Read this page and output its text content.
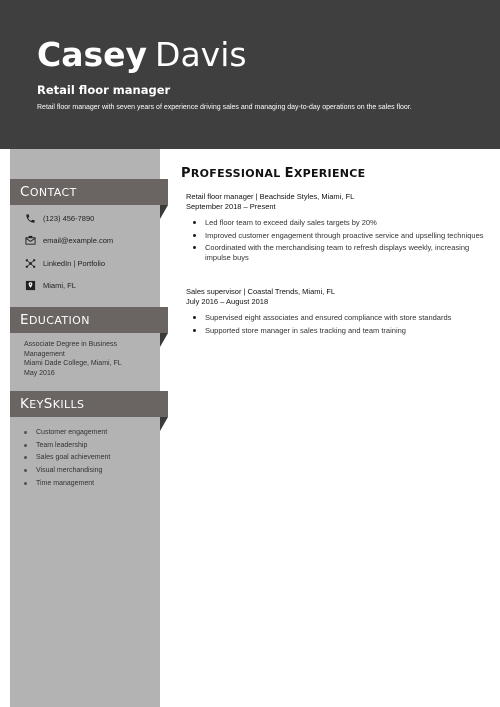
Casey Davis
Retail floor manager
Retail floor manager with seven years of experience driving sales and managing day-to-day operations on the sales floor.
C ONTACT
(123) 456-7890
email@example.com
LinkedIn | Portfolio
Miami, FL
E DUCATION
Associate Degree in Business Management
Miami Dade College, Miami, FL
May 2016
K EY S KILLS
Customer engagement
Team leadership
Sales goal achievement
Visual merchandising
Time management
PROFESSIONAL EXPERIENCE
Retail floor manager | Beachside Styles, Miami, FL
September 2018 – Present
Led floor team to exceed daily sales targets by 20%
Improved customer engagement through proactive service and upselling techniques
Coordinated with the merchandising team to refresh displays weekly, increasing impulse buys
Sales supervisor | Coastal Trends, Miami, FL
July 2016 – August 2018
Supervised eight associates and ensured compliance with store standards
Supported store manager in sales tracking and team training
